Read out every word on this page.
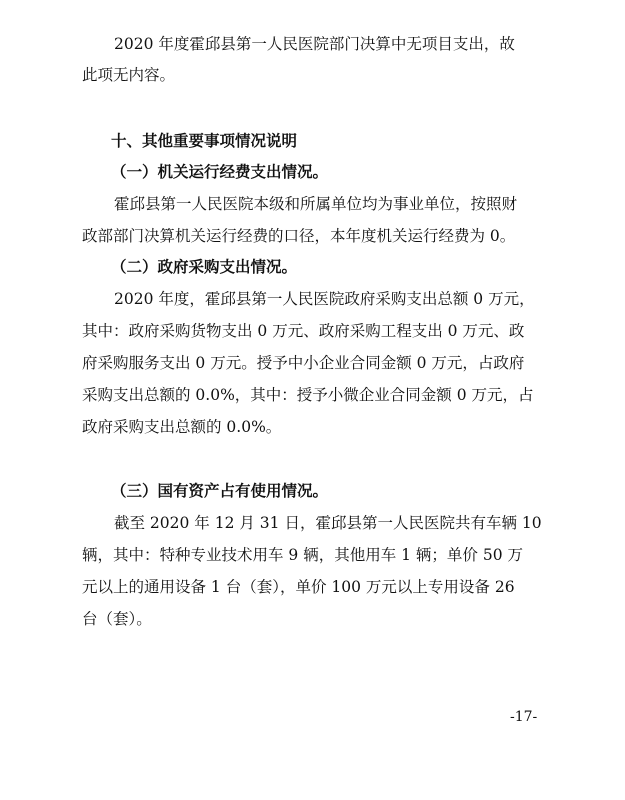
2020 年度霍邱县第一人民医院部门决算中无项目支出，故
此项无内容。
十、其他重要事项情况说明
（一）机关运行经费支出情况。
霍邱县第一人民医院本级和所属单位均为事业单位，按照财
政部部门决算机关运行经费的口径，本年度机关运行经费为 0。
（二）政府采购支出情况。
2020 年度，霍邱县第一人民医院政府采购支出总额 0 万元，
其中：政府采购货物支出 0 万元、政府采购工程支出 0 万元、政
府采购服务支出 0 万元。授予中小企业合同金额 0 万元，占政府
采购支出总额的 0.0%，其中：授予小微企业合同金额 0 万元，占
政府采购支出总额的 0.0%。
（三）国有资产占有使用情况。
截至 2020 年 12 月 31 日，霍邱县第一人民医院共有车辆 10
辆，其中：特种专业技术用车 9 辆，其他用车 1 辆；单价 50 万
元以上的通用设备 1 台（套），单价 100 万元以上专用设备 26
台（套）。
-17-
